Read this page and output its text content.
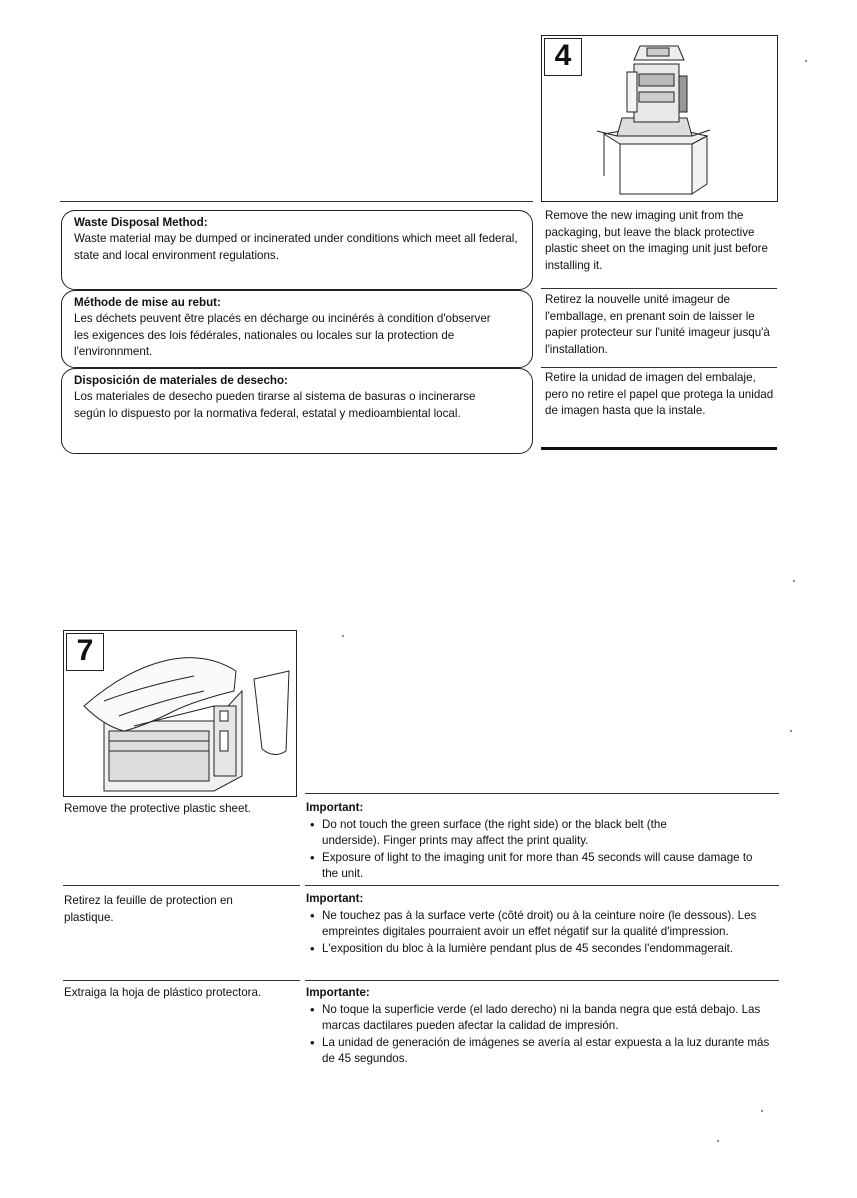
4
Remove the new imaging unit from the packaging, but leave the black protective plastic sheet on the imaging unit just before installing it.
Retirez la nouvelle unité imageur de l'emballage, en prenant soin de laisser le papier protecteur sur l'unité imageur jusqu'à l'installation.
Retire la unidad de imagen del embalaje, pero no retire el papel que protega la unidad de imagen hasta que la instale.
Waste Disposal Method:
Waste material may be dumped or incinerated under conditions which meet all federal, state and local environment regulations.
Méthode de mise au rebut:
Les déchets peuvent être placés en décharge ou incinérés à condition d'observer les exigences des lois fédérales, nationales ou locales sur la protection de l'environnment.
Disposición de materiales de desecho:
Los materiales de desecho pueden tirarse al sistema de basuras o incinerarse según lo dispuesto por la normativa federal, estatal y medioambiental local.
7
Remove the protective plastic sheet.
Retirez la feuille de protection en plastique.
Extraiga la hoja de plástico protectora.
Important:
• Do not touch the green surface (the right side) or the black belt (the underside). Finger prints may affect the print quality.
• Exposure of light to the imaging unit for more than 45 seconds will cause damage to the unit.
Important:
• Ne touchez pas à la surface verte (côté droit) ou à la ceinture noire (le dessous). Les empreintes digitales pourraient avoir un effet négatif sur la qualité d'impression.
• L'exposition du bloc à la lumière pendant plus de 45 secondes l'endommagerait.
Importante:
• No toque la superficie verde (el lado derecho) ni la banda negra que está debajo. Las marcas dactilares pueden afectar la calidad de impresión.
• La unidad de generación de imágenes se avería al estar expuesta a la luz durante más de 45 segundos.
